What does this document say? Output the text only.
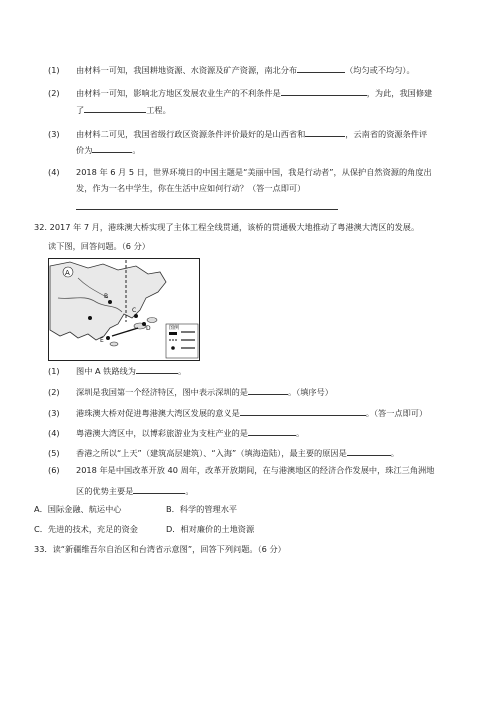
(1) 由材料一可知，我国耕地资源、水资源及矿产资源，南北分布	（均匀或不均匀）。
(2) 由材料一可知，影响北方地区发展农业生产的不利条件是	，为此，我国修建
了	工程。
(3) 由材料二可见，我国省级行政区资源条件评价最好的是山西省和	，云南省的资源条件评
价为	。
(4) 2018 年 6 月 5 日，世界环境日的中国主题是“美丽中国，我是行动者”，从保护自然资源的角度出
发，作为一名中学生，你在生活中应如何行动？（答一点即可）
32. 2017 年 7 月，港珠澳大桥实现了主体工程全线贯通，该桥的贯通极大地推动了粤港澳大湾区的发展。
读下图，回答问题。（6 分）
A
B
C
D
E
图例
(1) 图中 A 铁路线为	。
(2) 深圳是我国第一个经济特区，图中表示深圳的是	。（填序号）
(3) 港珠澳大桥对促进粤港澳大湾区发展的意义是	。（答一点即可）
(4) 粤港澳大湾区中，以博彩旅游业为支柱产业的是	。
(5) 香港之所以“上天”（建筑高层建筑）、“入海”（填海造陆），最主要的原因是	。
(6) 2018 年是中国改革开放 40 周年，改革开放期间，在与港澳地区的经济合作发展中，珠江三角洲地
区的优势主要是	。
A．国际金融、航运中心	B．科学的管理水平
C．先进的技术，充足的资金	D．相对廉价的土地资源
33．读“新疆维吾尔自治区和台湾省示意图”，回答下列问题。（6 分）
